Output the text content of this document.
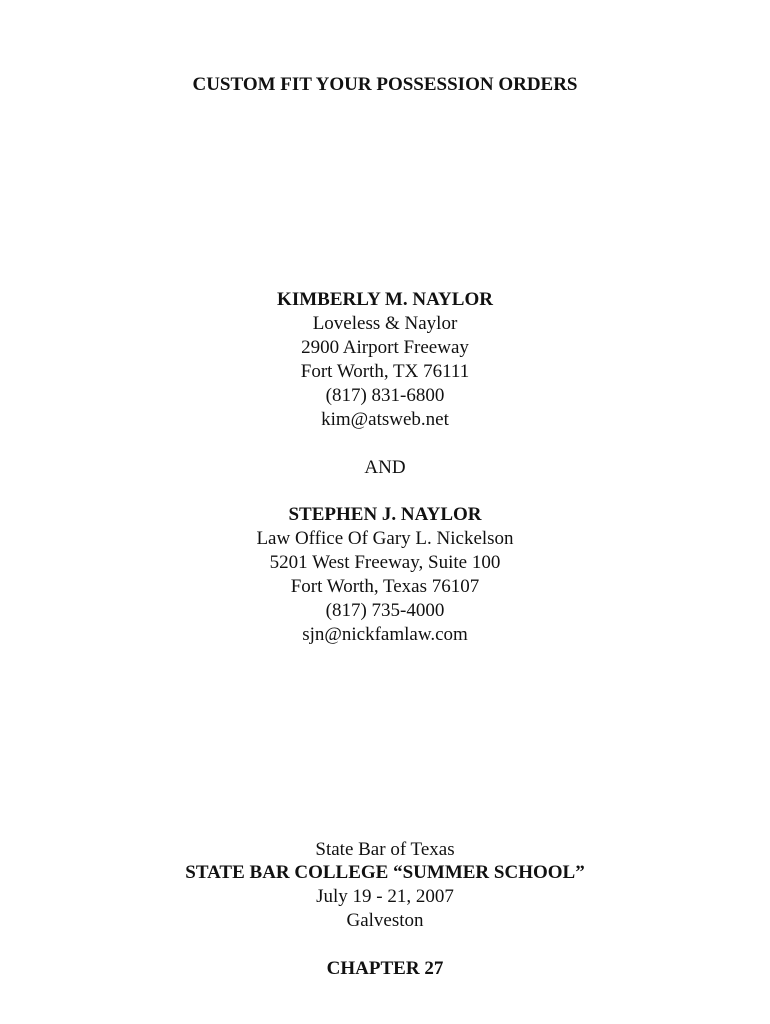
CUSTOM FIT YOUR POSSESSION ORDERS
KIMBERLY M. NAYLOR
Loveless & Naylor
2900 Airport Freeway
Fort Worth, TX 76111
(817) 831-6800
kim@atsweb.net
AND
STEPHEN J. NAYLOR
Law Office Of Gary L. Nickelson
5201 West Freeway, Suite 100
Fort Worth, Texas 76107
(817) 735-4000
sjn@nickfamlaw.com
State Bar of Texas
STATE BAR COLLEGE “SUMMER SCHOOL”
July 19 - 21, 2007
Galveston
CHAPTER 27
